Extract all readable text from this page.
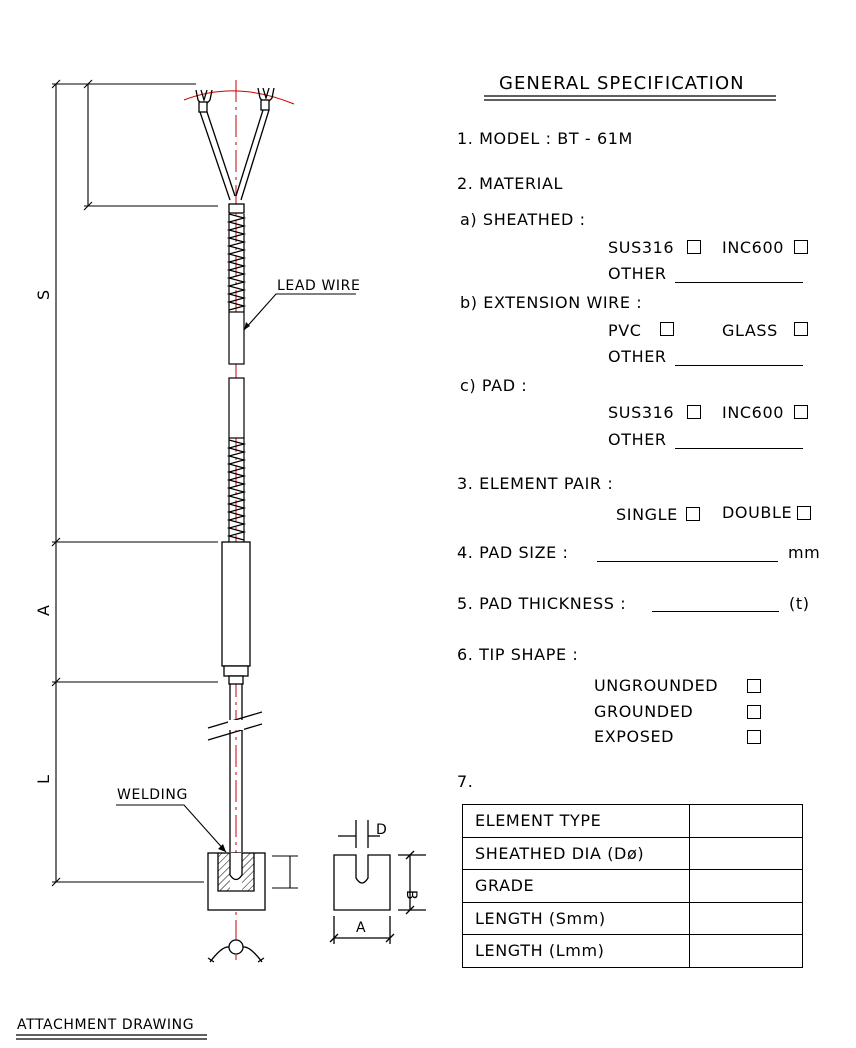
S
A
L
LEAD WIRE
WELDING
D
B
A
ATTACHMENT DRAWING
GENERAL SPECIFICATION
1. MODEL : BT - 61M
2. MATERIAL
a) SHEATHED :
SUS316	INC600
OTHER
b) EXTENSION WIRE :
PVC	GLASS
OTHER
c) PAD :
SUS316	INC600
OTHER
3. ELEMENT PAIR :
SINGLE	DOUBLE
4. PAD SIZE :	mm
5. PAD THICKNESS :	(t)
6. TIP SHAPE :
UNGROUNDED
GROUNDED
EXPOSED
7.
ELEMENT TYPE	
SHEATHED DIA (Dø)	
GRADE	
LENGTH (Smm)	
LENGTH (Lmm)	
